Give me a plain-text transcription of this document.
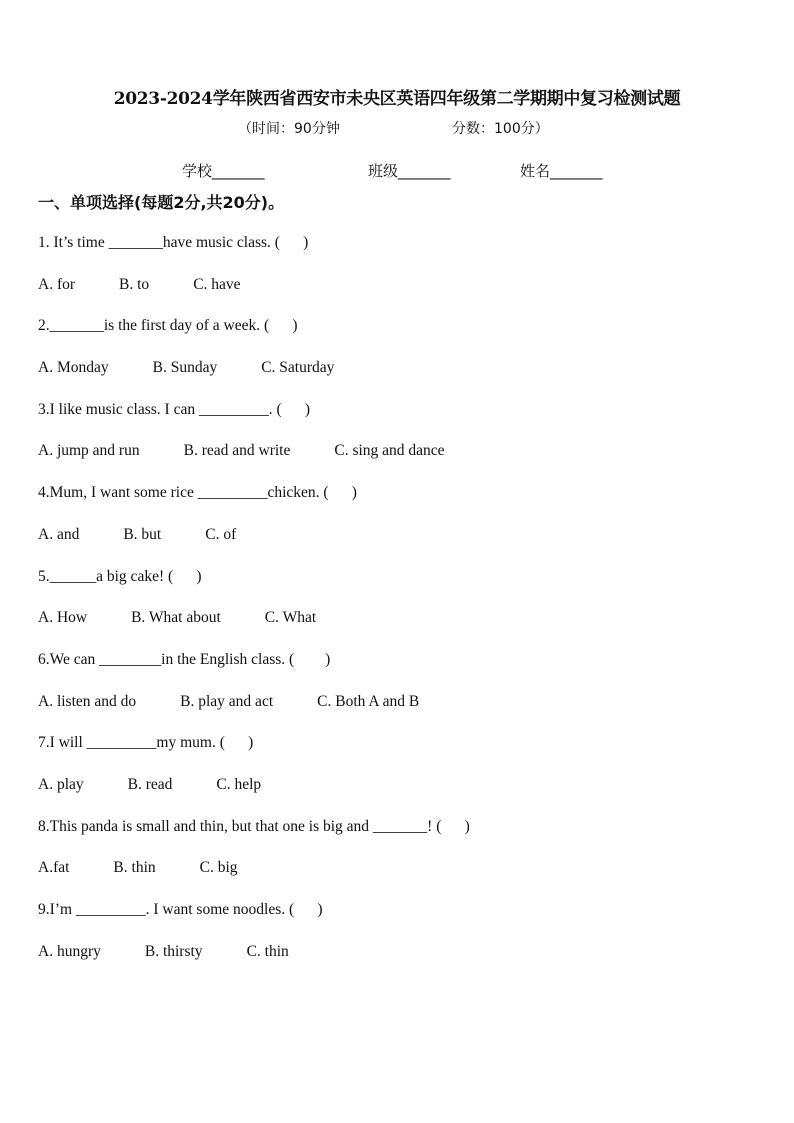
2023-2024学年陕西省西安市未央区英语四年级第二学期期中复习检测试题
（时间：90分钟	分数：100分）
学校_______	班级_______	姓名_______
一、单项选择(每题2分,共20分)。
1. It’s time _______have music class. (      )
A. for	B. to	C. have
2._______is the first day of a week. (      )
A. Monday	B. Sunday	C. Saturday
3.I like music class. I can _________. (      )
A. jump and run	B. read and write	C. sing and dance
4.Mum, I want some rice _________chicken. (      )
A. and	B. but	C. of
5.______a big cake! (      )
A. How	B. What about	C. What
6.We can ________in the English class. (        )
A. listen and do	B. play and act	C. Both A and B
7.I will _________my mum. (      )
A. play	B. read	C. help
8.This panda is small and thin, but that one is big and _______! (      )
A.fat	B. thin	C. big
9.I’m _________. I want some noodles. (      )
A. hungry	B. thirsty	C. thin
